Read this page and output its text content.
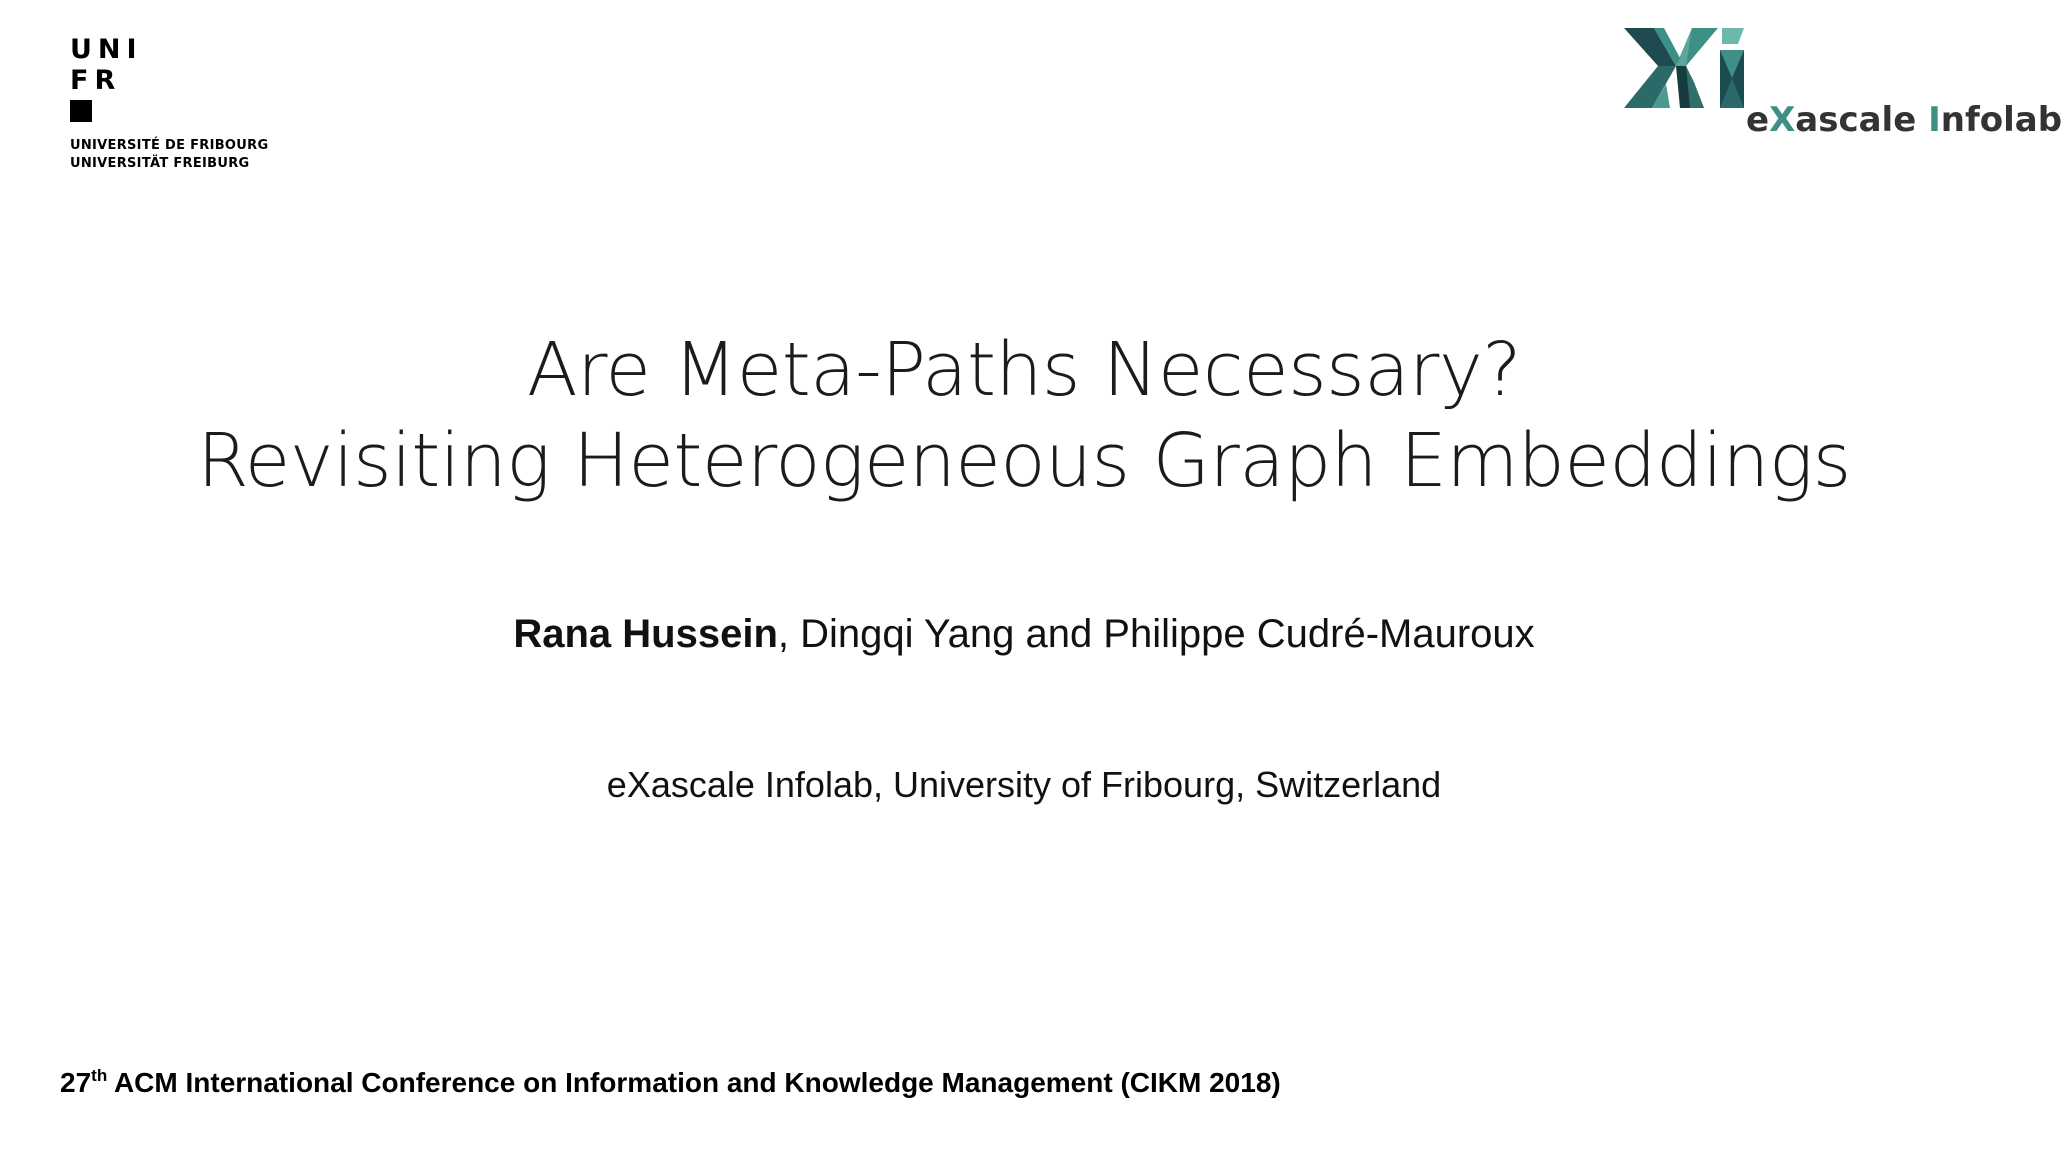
UNI
FR
UNIVERSITÉ DE FRIBOURG
UNIVERSITÄT FREIBURG
eXascale Infolab
Are Meta-Paths Necessary?
Revisiting Heterogeneous Graph Embeddings
Rana Hussein, Dingqi Yang and Philippe Cudré-Mauroux
eXascale Infolab, University of Fribourg, Switzerland
27th ACM International Conference on Information and Knowledge Management (CIKM 2018)
